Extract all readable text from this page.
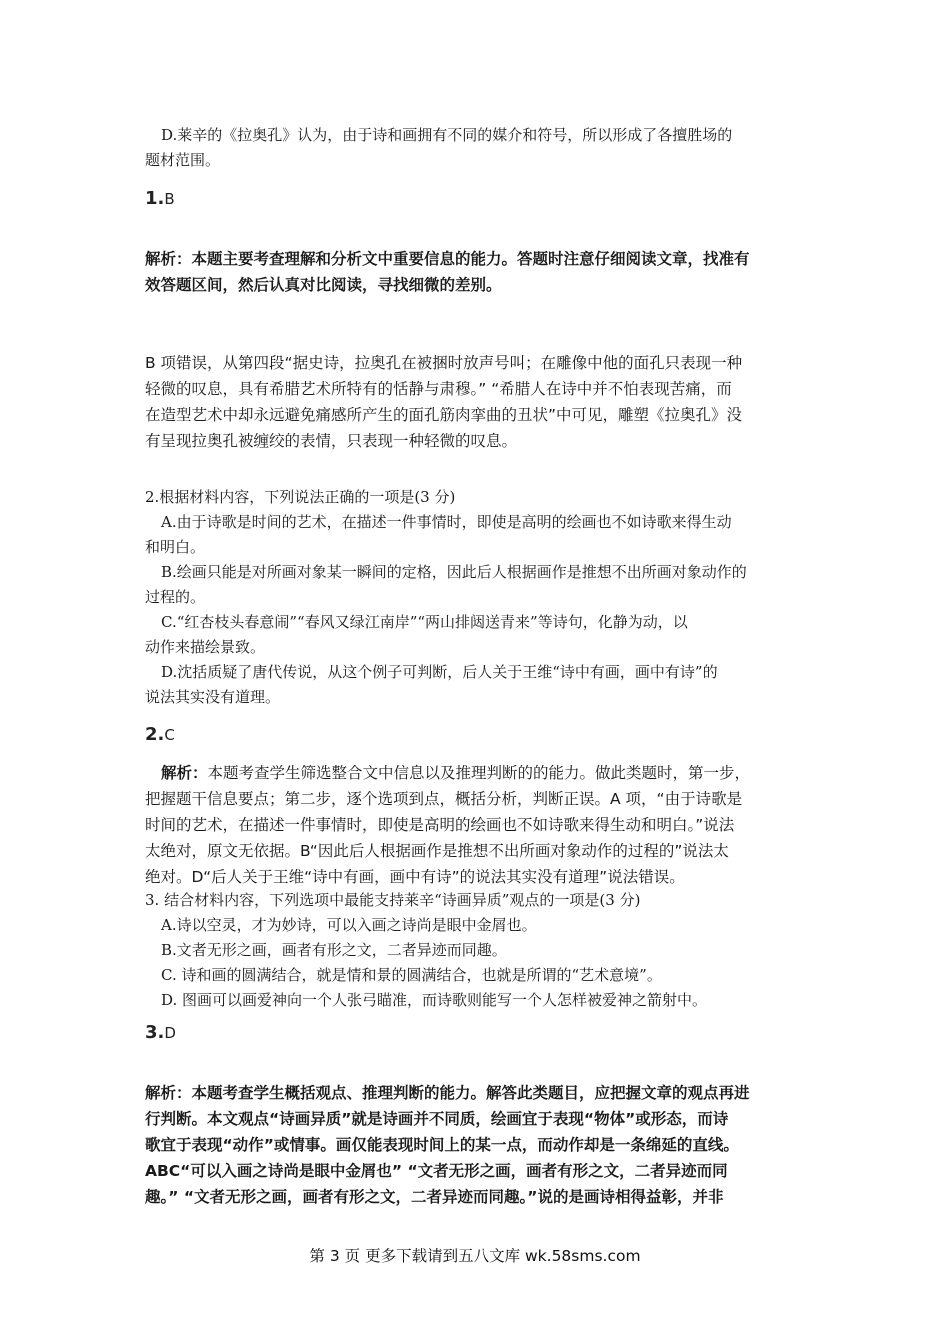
D.莱辛的《拉奥孔》认为，由于诗和画拥有不同的媒介和符号，所以形成了各擅胜场的

题材范围。

1.B

解析：本题主要考查理解和分析文中重要信息的能力。答题时注意仔细阅读文章，找准有

效答题区间，然后认真对比阅读，寻找细微的差别。

B 项错误，从第四段“据史诗，拉奥孔在被捆时放声号叫；在雕像中他的面孔只表现一种

轻微的叹息，具有希腊艺术所特有的恬静与肃穆。” “希腊人在诗中并不怕表现苦痛，而

在造型艺术中却永远避免痛感所产生的面孔筋肉挛曲的丑状”中可见，雕塑《拉奥孔》没

有呈现拉奥孔被缠绞的表情，只表现一种轻微的叹息。

2.根据材料内容，下列说法正确的一项是(3 分)

A.由于诗歌是时间的艺术，在描述一件事情时，即使是高明的绘画也不如诗歌来得生动

和明白。

B.绘画只能是对所画对象某一瞬间的定格，因此后人根据画作是推想不出所画对象动作的

过程的。

C.“红杏枝头春意闹”“春风又绿江南岸”“两山排闼送青来”等诗句，化静为动，以

动作来描绘景致。

D.沈括质疑了唐代传说，从这个例子可判断，后人关于王维“诗中有画，画中有诗”的

说法其实没有道理。

2.C

解析：本题考查学生筛选整合文中信息以及推理判断的的能力。做此类题时，第一步，

把握题干信息要点；第二步，逐个选项到点，概括分析，判断正误。A 项，“由于诗歌是

时间的艺术，在描述一件事情时，即使是高明的绘画也不如诗歌来得生动和明白。”说法

太绝对，原文无依据。B“因此后人根据画作是推想不出所画对象动作的过程的”说法太

绝对。D“后人关于王维“诗中有画，画中有诗”的说法其实没有道理”说法错误。

3. 结合材料内容，下列选项中最能支持莱辛“诗画异质”观点的一项是(3 分)

A.诗以空灵，才为妙诗，可以入画之诗尚是眼中金屑也。

B.文者无形之画，画者有形之文，二者异迹而同趣。

C. 诗和画的圆满结合，就是情和景的圆满结合，也就是所谓的“艺术意境”。

D. 图画可以画爱神向一个人张弓瞄准，而诗歌则能写一个人怎样被爱神之箭射中。

3.D

解析：本题考查学生概括观点、推理判断的能力。解答此类题目，应把握文章的观点再进

行判断。本文观点“诗画异质”就是诗画并不同质，绘画宜于表现“物体”或形态，而诗

歌宜于表现“动作”或情事。画仅能表现时间上的某一点，而动作却是一条绵延的直线。

ABC“可以入画之诗尚是眼中金屑也” “文者无形之画，画者有形之文，二者异迹而同

趣。” “文者无形之画，画者有形之文，二者异迹而同趣。”说的是画诗相得益彰，并非

第 3 页 更多下载请到五八文库 wk.58sms.com
